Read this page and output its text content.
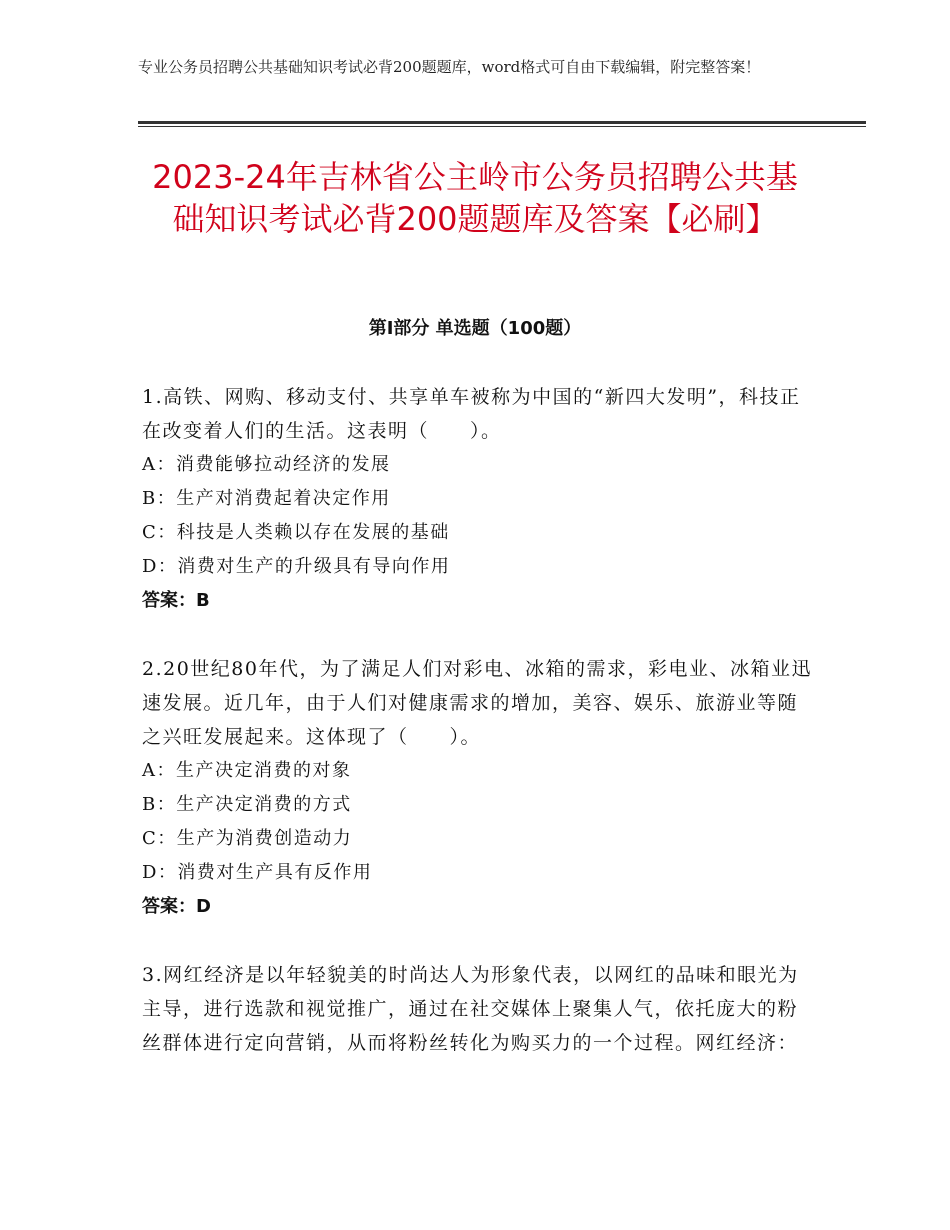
专业公务员招聘公共基础知识考试必背200题题库，word格式可自由下载编辑，附完整答案！
2023-24年吉林省公主岭市公务员招聘公共基础知识考试必背200题题库及答案【必刷】
第Ⅰ部分 单选题（100题）
1.高铁、网购、移动支付、共享单车被称为中国的“新四大发明”，科技正在改变着人们的生活。这表明（　　）。
A：消费能够拉动经济的发展
B：生产对消费起着决定作用
C：科技是人类赖以存在发展的基础
D：消费对生产的升级具有导向作用
答案：B
2.20世纪80年代，为了满足人们对彩电、冰箱的需求，彩电业、冰箱业迅速发展。近几年，由于人们对健康需求的增加，美容、娱乐、旅游业等随之兴旺发展起来。这体现了（　　）。
A：生产决定消费的对象
B：生产决定消费的方式
C：生产为消费创造动力
D：消费对生产具有反作用
答案：D
3.网红经济是以年轻貌美的时尚达人为形象代表，以网红的品味和眼光为主导，进行选款和视觉推广，通过在社交媒体上聚集人气，依托庞大的粉丝群体进行定向营销，从而将粉丝转化为购买力的一个过程。网红经济：
